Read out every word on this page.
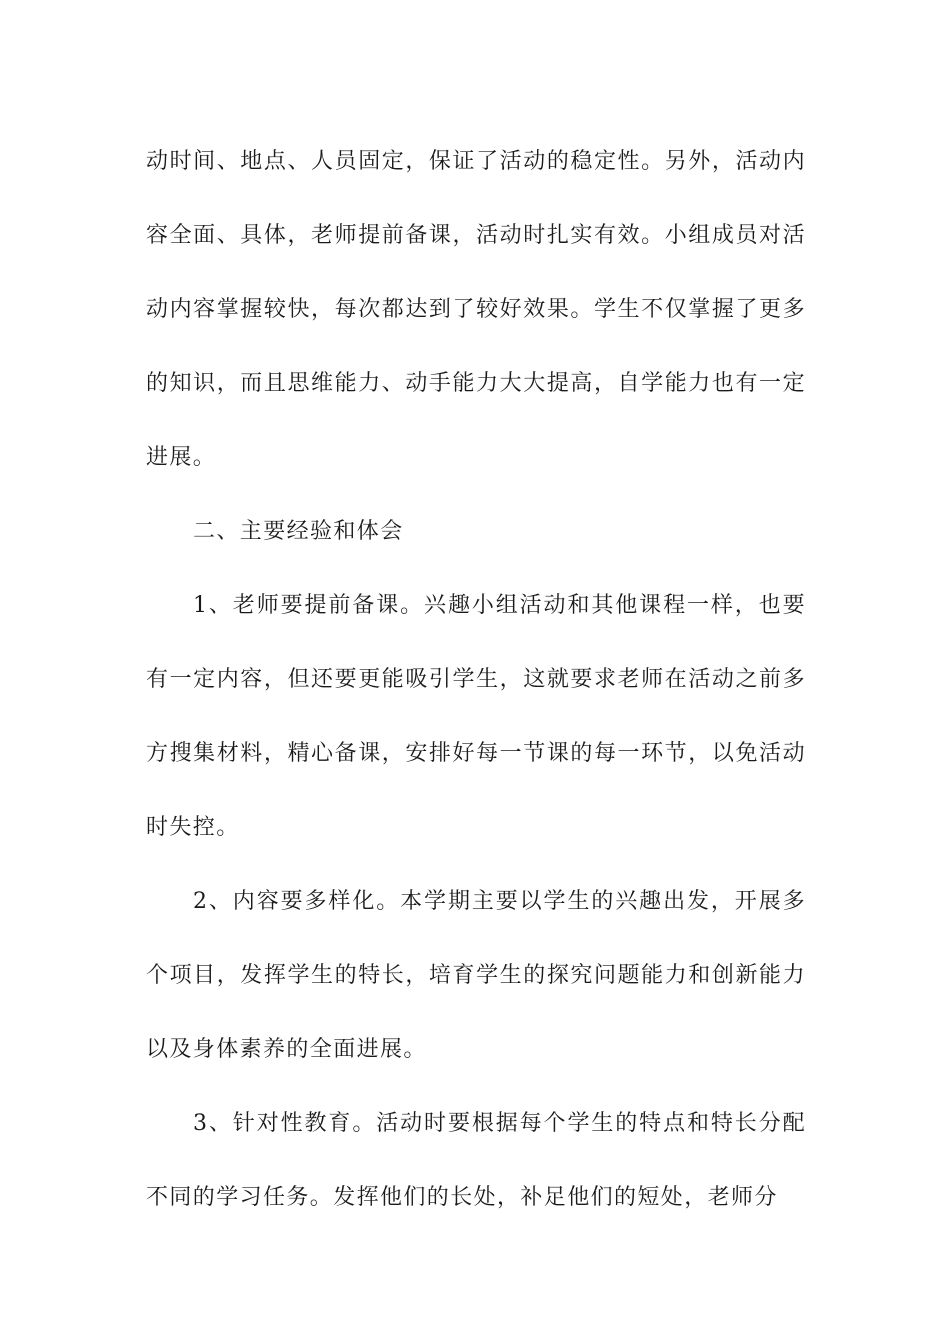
动时间、地点、人员固定，保证了活动的稳定性。另外，活动内容全面、具体，老师提前备课，活动时扎实有效。小组成员对活动内容掌握较快，每次都达到了较好效果。学生不仅掌握了更多的知识，而且思维能力、动手能力大大提高，自学能力也有一定进展。

二、主要经验和体会

1、老师要提前备课。兴趣小组活动和其他课程一样，也要有一定内容，但还要更能吸引学生，这就要求老师在活动之前多方搜集材料，精心备课，安排好每一节课的每一环节，以免活动时失控。

2、内容要多样化。本学期主要以学生的兴趣出发，开展多个项目，发挥学生的特长，培育学生的探究问题能力和创新能力以及身体素养的全面进展。

3、针对性教育。活动时要根据每个学生的特点和特长分配不同的学习任务。发挥他们的长处，补足他们的短处，老师分
